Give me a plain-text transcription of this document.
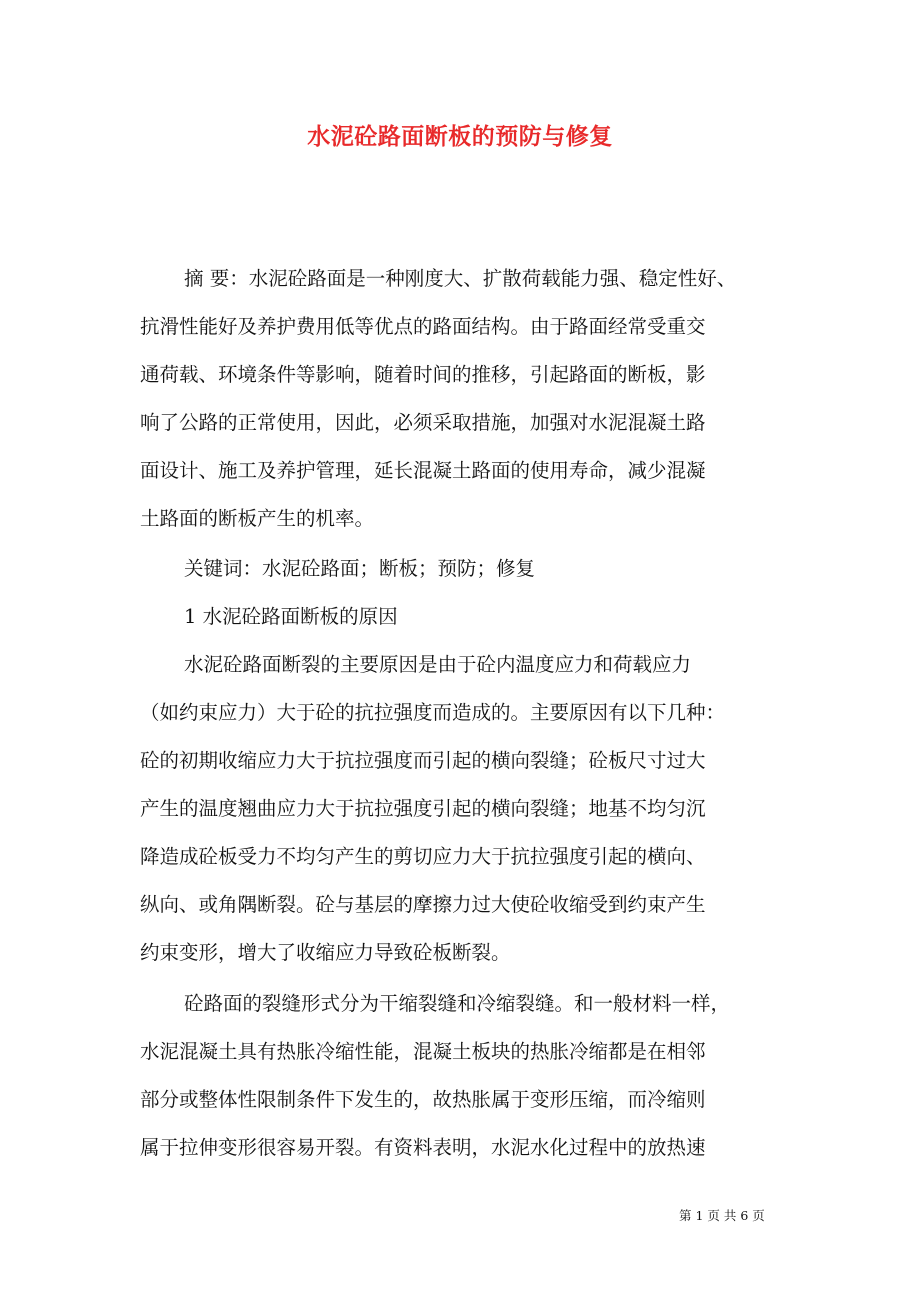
水泥砼路面断板的预防与修复
摘 要：水泥砼路面是一种刚度大、扩散荷载能力强、稳定性好、
抗滑性能好及养护费用低等优点的路面结构。由于路面经常受重交
通荷载、环境条件等影响，随着时间的推移，引起路面的断板，影
响了公路的正常使用，因此，必须采取措施，加强对水泥混凝土路
面设计、施工及养护管理，延长混凝土路面的使用寿命，减少混凝
土路面的断板产生的机率。
关键词：水泥砼路面；断板；预防；修复
1 水泥砼路面断板的原因
水泥砼路面断裂的主要原因是由于砼内温度应力和荷载应力
（如约束应力）大于砼的抗拉强度而造成的。主要原因有以下几种：
砼的初期收缩应力大于抗拉强度而引起的横向裂缝；砼板尺寸过大
产生的温度翘曲应力大于抗拉强度引起的横向裂缝；地基不均匀沉
降造成砼板受力不均匀产生的剪切应力大于抗拉强度引起的横向、
纵向、或角隅断裂。砼与基层的摩擦力过大使砼收缩受到约束产生
约束变形，增大了收缩应力导致砼板断裂。
砼路面的裂缝形式分为干缩裂缝和冷缩裂缝。和一般材料一样，
水泥混凝土具有热胀冷缩性能，混凝土板块的热胀冷缩都是在相邻
部分或整体性限制条件下发生的，故热胀属于变形压缩，而冷缩则
属于拉伸变形很容易开裂。有资料表明，水泥水化过程中的放热速
第 1 页 共 6 页
